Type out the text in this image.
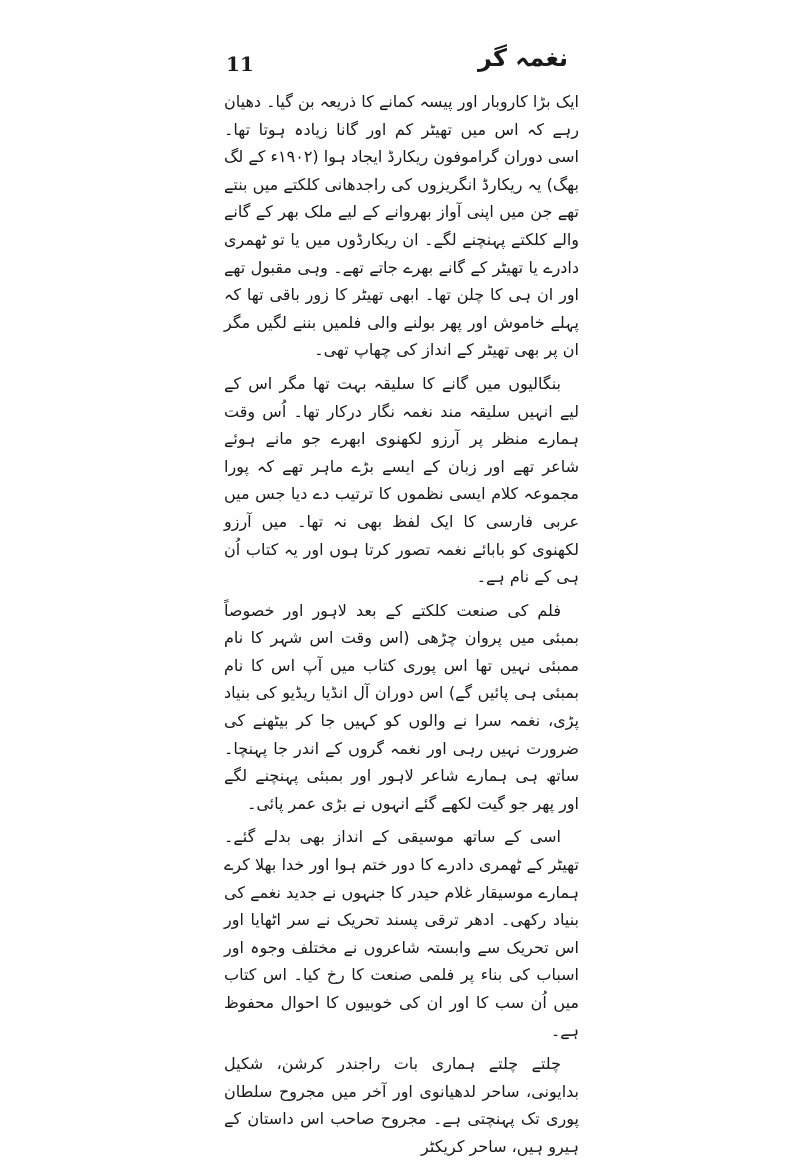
11	نغمہ گر

ایک بڑا کاروبار اور پیسہ کمانے کا ذریعہ بن گیا۔ دھیان رہے کہ اس میں تھیٹر کم اور گانا زیادہ ہوتا تھا۔ اسی دوران گراموفون ریکارڈ ایجاد ہوا (۱۹۰۲ء کے لگ بھگ) یہ ریکارڈ انگریزوں کی راجدھانی کلکتے میں بنتے تھے جن میں اپنی آواز بھروانے کے لیے ملک بھر کے گانے والے کلکتے پہنچنے لگے۔ ان ریکارڈوں میں یا تو ٹھمری دادرے یا تھیٹر کے گانے بھرے جاتے تھے۔ وہی مقبول تھے اور ان ہی کا چلن تھا۔ ابھی تھیٹر کا زور باقی تھا کہ پہلے خاموش اور پھر بولنے والی فلمیں بننے لگیں مگر ان پر بھی تھیٹر کے انداز کی چھاپ تھی۔

بنگالیوں میں گانے کا سلیقہ بہت تھا مگر اس کے لیے انہیں سلیقہ مند نغمہ نگار درکار تھا۔ اُس وقت ہمارے منظر پر آرزو لکھنوی ابھرے جو مانے ہوئے شاعر تھے اور زبان کے ایسے بڑے ماہر تھے کہ پورا مجموعہ کلام ایسی نظموں کا ترتیب دے دیا جس میں عربی فارسی کا ایک لفظ بھی نہ تھا۔ میں آرزو لکھنوی کو بابائے نغمہ تصور کرتا ہوں اور یہ کتاب اُن ہی کے نام ہے۔

فلم کی صنعت کلکتے کے بعد لاہور اور خصوصاً بمبئی میں پروان چڑھی (اس وقت اس شہر کا نام ممبئی نہیں تھا اس پوری کتاب میں آپ اس کا نام بمبئی ہی پائیں گے) اس دوران آل انڈیا ریڈیو کی بنیاد پڑی، نغمہ سرا نے والوں کو کہیں جا کر بیٹھنے کی ضرورت نہیں رہی اور نغمہ گروں کے اندر جا پہنچا۔ ساتھ ہی ہمارے شاعر لاہور اور بمبئی پہنچنے لگے اور پھر جو گیت لکھے گئے انہوں نے بڑی عمر پائی۔

اسی کے ساتھ موسیقی کے انداز بھی بدلے گئے۔ تھیٹر کے ٹھمری دادرے کا دور ختم ہوا اور خدا بھلا کرے ہمارے موسیقار غلام حیدر کا جنہوں نے جدید نغمے کی بنیاد رکھی۔ ادھر ترقی پسند تحریک نے سر اٹھایا اور اس تحریک سے وابستہ شاعروں نے مختلف وجوہ اور اسباب کی بناء پر فلمی صنعت کا رخ کیا۔ اس کتاب میں اُن سب کا اور ان کی خوبیوں کا احوال محفوظ ہے۔

چلتے چلتے ہماری بات راجندر کرشن، شکیل بدایونی، ساحر لدھیانوی اور آخر میں مجروح سلطان پوری تک پہنچتی ہے۔ مجروح صاحب اس داستان کے ہیرو ہیں، ساحر کریکٹر
